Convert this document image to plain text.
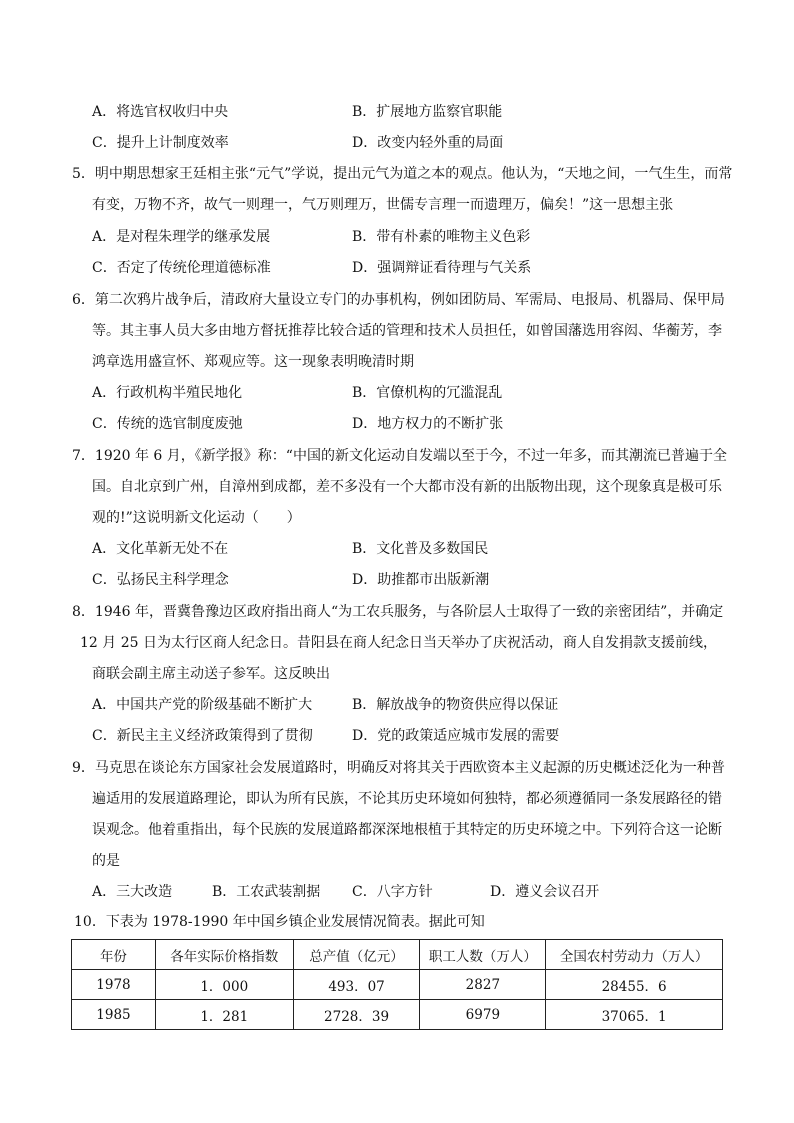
A．将选官权收归中央	B．扩展地方监察官职能
C．提升上计制度效率	D．改变内轻外重的局面
5．明中期思想家王廷相主张“元气”学说，提出元气为道之本的观点。他认为，“天地之间，一气生生，而常
有变，万物不齐，故气一则理一，气万则理万，世儒专言理一而遗理万，偏矣！”这一思想主张
A．是对程朱理学的继承发展	B．带有朴素的唯物主义色彩
C．否定了传统伦理道德标准	D．强调辩证看待理与气关系
6．第二次鸦片战争后，清政府大量设立专门的办事机构，例如团防局、军需局、电报局、机器局、保甲局
等。其主事人员大多由地方督抚推荐比较合适的管理和技术人员担任，如曾国藩选用容闳、华蘅芳，李
鸿章选用盛宣怀、郑观应等。这一现象表明晚清时期
A．行政机构半殖民地化	B．官僚机构的冗滥混乱
C．传统的选官制度废弛	D．地方权力的不断扩张
7．1920 年 6 月，《新学报》称：“中国的新文化运动自发端以至于今，不过一年多，而其潮流已普遍于全
国。自北京到广州，自漳州到成都，差不多没有一个大都市没有新的出版物出现，这个现象真是极可乐
观的!”这说明新文化运动（　　）
A．文化革新无处不在	B．文化普及多数国民
C．弘扬民主科学理念	D．助推都市出版新潮
8．1946 年，晋冀鲁豫边区政府指出商人“为工农兵服务，与各阶层人士取得了一致的亲密团结”，并确定
12 月 25 日为太行区商人纪念日。昔阳县在商人纪念日当天举办了庆祝活动，商人自发捐款支援前线，
商联会副主席主动送子参军。这反映出
A．中国共产党的阶级基础不断扩大	B．解放战争的物资供应得以保证
C．新民主主义经济政策得到了贯彻	D．党的政策适应城市发展的需要
9．马克思在谈论东方国家社会发展道路时，明确反对将其关于西欧资本主义起源的历史概述泛化为一种普
遍适用的发展道路理论，即认为所有民族，不论其历史环境如何独特，都必须遵循同一条发展路径的错
误观念。他着重指出，每个民族的发展道路都深深地根植于其特定的历史环境之中。下列符合这一论断
的是
A．三大改造	B．工农武装割据 C．八字方针	D．遵义会议召开
10．下表为 1978-1990 年中国乡镇企业发展情况简表。据此可知
年份	各年实际价格指数	总产值（亿元）	职工人数（万人）	全国农村劳动力（万人）
1978	1．000	493．07	2827	28455．6
1985	1．281	2728．39	6979	37065．1
